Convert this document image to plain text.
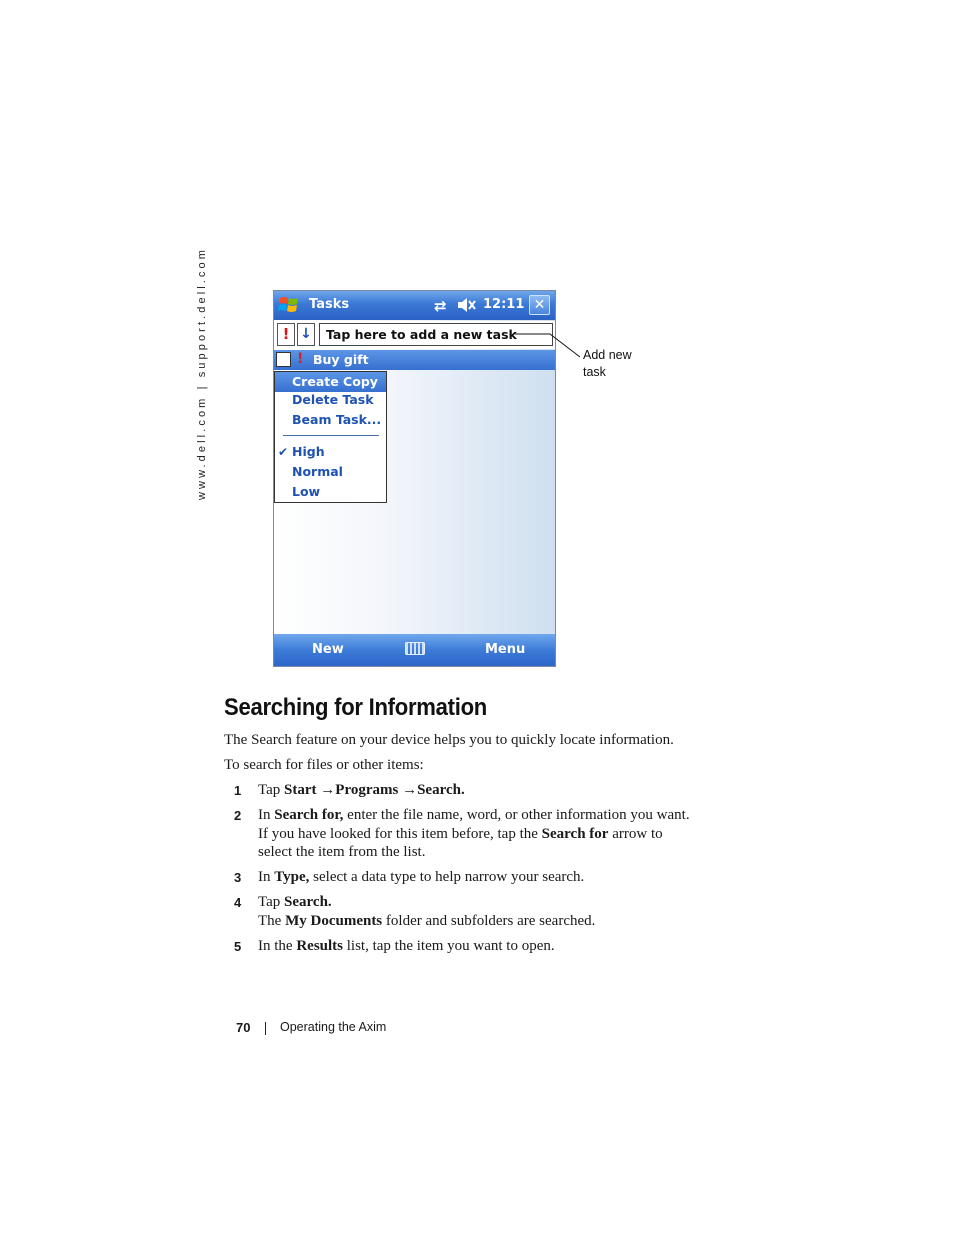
www.dell.com | support.dell.com	Tasks	⇄	12:11 ✕
! ↓	Tap here to add a new task
! Buy gift
Create Copy
Delete Task
Beam Task...
✔ High
Normal
Low
New	Menu
Add new
task
Searching for Information

The Search feature on your device helps you to quickly locate information.

To search for files or other items:

1	Tap Start →Programs →Search.
2	In Search for, enter the file name, word, or other information you want.
If you have looked for this item before, tap the Search for arrow to
select the item from the list.
3	In Type, select a data type to help narrow your search.
4	Tap Search.
The My Documents folder and subfolders are searched.
5	In the Results list, tap the item you want to open.
70 Operating the Axim
